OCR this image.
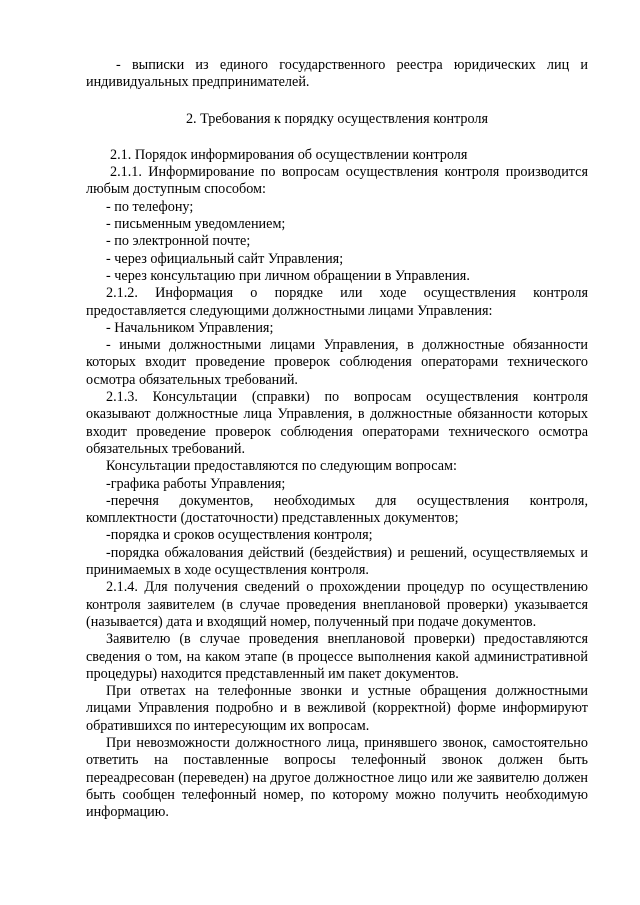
- выписки из единого государственного реестра юридических лиц и индивидуальных предпринимателей.

2. Требования к порядку осуществления контроля

2.1. Порядок информирования об осуществлении контроля

2.1.1. Информирование по вопросам осуществления контроля производится любым доступным способом:

- по телефону;

- письменным уведомлением;

- по электронной почте;

- через официальный сайт Управления;

- через консультацию при личном обращении в Управления.

2.1.2. Информация о порядке или ходе осуществления контроля предоставляется следующими должностными лицами Управления:

- Начальником Управления;

- иными должностными лицами Управления, в должностные обязанности которых входит проведение проверок соблюдения операторами технического осмотра обязательных требований.

2.1.3. Консультации (справки) по вопросам осуществления контроля оказывают должностные лица Управления, в должностные обязанности которых входит проведение проверок соблюдения операторами технического осмотра обязательных требований.

Консультации предоставляются по следующим вопросам:

-графика работы Управления;

-перечня документов, необходимых для осуществления контроля, комплектности (достаточности) представленных документов;

-порядка и сроков осуществления контроля;

-порядка обжалования действий (бездействия) и решений, осуществляемых и принимаемых в ходе осуществления контроля.

2.1.4. Для получения сведений о прохождении процедур по осуществлению контроля заявителем (в случае проведения внеплановой проверки) указывается (называется) дата и входящий номер, полученный при подаче документов.

Заявителю (в случае проведения внеплановой проверки) предоставляются сведения о том, на каком этапе (в процессе выполнения какой административной процедуры) находится представленный им пакет документов.

При ответах на телефонные звонки и устные обращения должностными лицами Управления подробно и в вежливой (корректной) форме информируют обратившихся по интересующим их вопросам.

При невозможности должностного лица, принявшего звонок, самостоятельно ответить на поставленные вопросы телефонный звонок должен быть переадресован (переведен) на другое должностное лицо или же заявителю должен быть сообщен телефонный номер, по которому можно получить необходимую информацию.
